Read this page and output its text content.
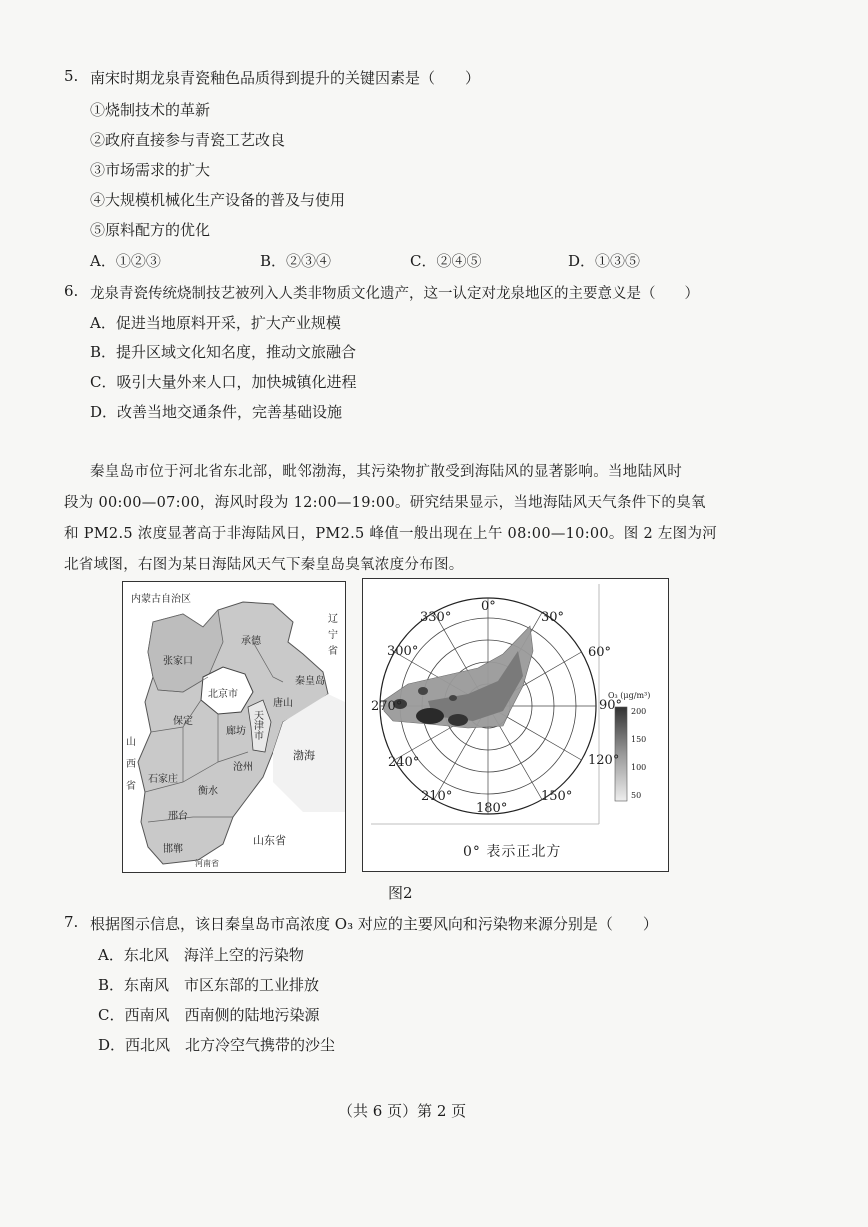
5. 南宋时期龙泉青瓷釉色品质得到提升的关键因素是（　　）
①烧制技术的革新
②政府直接参与青瓷工艺改良
③市场需求的扩大
④大规模机械化生产设备的普及与使用
⑤原料配方的优化
A．①②③	B．②③④	C．②④⑤	D．①③⑤
6. 龙泉青瓷传统烧制技艺被列入人类非物质文化遗产，这一认定对龙泉地区的主要意义是（　　）
A．促进当地原料开采，扩大产业规模
B．提升区域文化知名度，推动文旅融合
C．吸引大量外来人口，加快城镇化进程
D．改善当地交通条件，完善基础设施
秦皇岛市位于河北省东北部，毗邻渤海，其污染物扩散受到海陆风的显著影响。当地陆风时
段为 00:00—07:00，海风时段为 12:00—19:00。研究结果显示，当地海陆风天气条件下的臭氧
和 PM2.5 浓度显著高于非海陆风日，PM2.5 峰值一般出现在上午 08:00—10:00。图 2 左图为河
北省域图，右图为某日海陆风天气下秦皇岛臭氧浓度分布图。
内蒙古自治区
张家口
承德
北京市
天津市
唐山
秦皇岛
保定
廊坊
沧州
石家庄
衡水
邢台
邯郸
渤海
山东省
山西省
辽宁省
河南省
0°
30°
60°
90°
120°
150°
180°
210°
240°
270°
300°
330°
O₃ (μg/m³)
200
150
100
50
0° 表示正北方
图2
7. 根据图示信息，该日秦皇岛市高浓度 O₃ 对应的主要风向和污染物来源分别是（　　）
A．东北风　海洋上空的污染物
B．东南风　市区东部的工业排放
C．西南风　西南侧的陆地污染源
D．西北风　北方冷空气携带的沙尘
（共 6 页）第 2 页
